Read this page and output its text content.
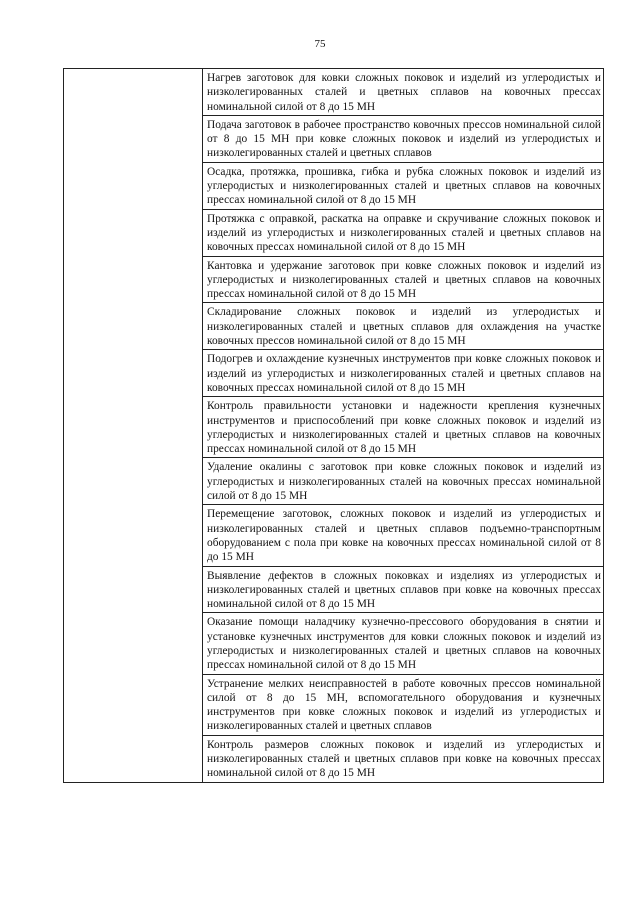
75
	Нагрев заготовок для ковки сложных поковок и изделий из углеродистых и низколегированных сталей и цветных сплавов на ковочных прессах номинальной силой от 8 до 15 МН
Подача заготовок в рабочее пространство ковочных прессов номинальной силой от 8 до 15 МН при ковке сложных поковок и изделий из углеродистых и низколегированных сталей и цветных сплавов
Осадка, протяжка, прошивка, гибка и рубка сложных поковок и изделий из углеродистых и низколегированных сталей и цветных сплавов на ковочных прессах номинальной силой от 8 до 15 МН
Протяжка с оправкой, раскатка на оправке и скручивание сложных поковок и изделий из углеродистых и низколегированных сталей и цветных сплавов на ковочных прессах номинальной силой от 8 до 15 МН
Кантовка и удержание заготовок при ковке сложных поковок и изделий из углеродистых и низколегированных сталей и цветных сплавов на ковочных прессах номинальной силой от 8 до 15 МН
Складирование сложных поковок и изделий из углеродистых и низколегированных сталей и цветных сплавов для охлаждения на участке ковочных прессов номинальной силой от 8 до 15 МН
Подогрев и охлаждение кузнечных инструментов при ковке сложных поковок и изделий из углеродистых и низколегированных сталей и цветных сплавов на ковочных прессах номинальной силой от 8 до 15 МН
Контроль правильности установки и надежности крепления кузнечных инструментов и приспособлений при ковке сложных поковок и изделий из углеродистых и низколегированных сталей и цветных сплавов на ковочных прессах номинальной силой от 8 до 15 МН
Удаление окалины с заготовок при ковке сложных поковок и изделий из углеродистых и низколегированных сталей на ковочных прессах номинальной силой от 8 до 15 МН
Перемещение заготовок, сложных поковок и изделий из углеродистых и низколегированных сталей и цветных сплавов подъемно-транспортным оборудованием с пола при ковке на ковочных прессах номинальной силой от 8 до 15 МН
Выявление дефектов в сложных поковках и изделиях из углеродистых и низколегированных сталей и цветных сплавов при ковке на ковочных прессах номинальной силой от 8 до 15 МН
Оказание помощи наладчику кузнечно-прессового оборудования в снятии и установке кузнечных инструментов для ковки сложных поковок и изделий из углеродистых и низколегированных сталей и цветных сплавов на ковочных прессах номинальной силой от 8 до 15 МН
Устранение мелких неисправностей в работе ковочных прессов номинальной силой от 8 до 15 МН, вспомогательного оборудования и кузнечных инструментов при ковке сложных поковок и изделий из углеродистых и низколегированных сталей и цветных сплавов
Контроль размеров сложных поковок и изделий из углеродистых и низколегированных сталей и цветных сплавов при ковке на ковочных прессах номинальной силой от 8 до 15 МН
